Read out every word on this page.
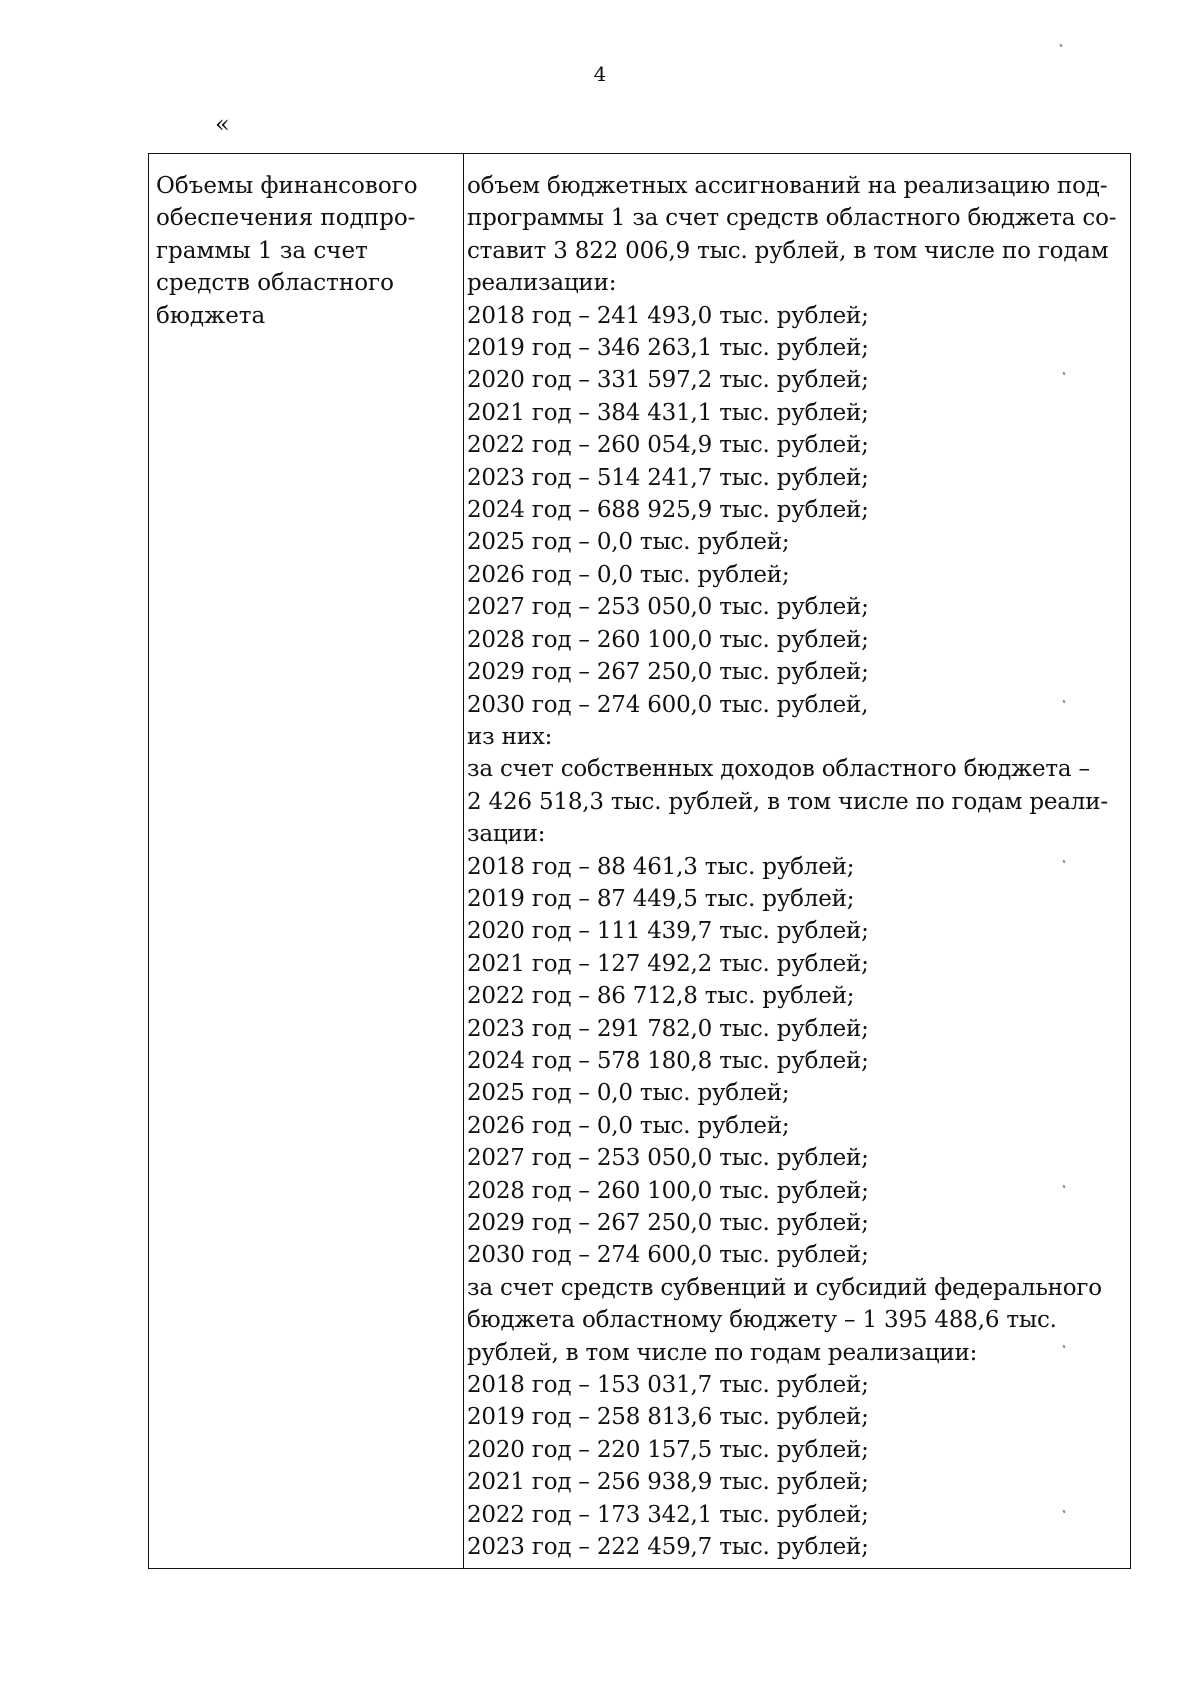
4
«
Объемы финансового
обеспечения подпро-
граммы 1 за счет
средств областного
бюджета
объем бюджетных ассигнований на реализацию под-
программы 1 за счет средств областного бюджета со-
ставит 3 822 006,9 тыс. рублей, в том числе по годам
реализации:
2018 год – 241 493,0 тыс. рублей;
2019 год – 346 263,1 тыс. рублей;
2020 год – 331 597,2 тыс. рублей;
2021 год – 384 431,1 тыс. рублей;
2022 год – 260 054,9 тыс. рублей;
2023 год – 514 241,7 тыс. рублей;
2024 год – 688 925,9 тыс. рублей;
2025 год – 0,0 тыс. рублей;
2026 год – 0,0 тыс. рублей;
2027 год – 253 050,0 тыс. рублей;
2028 год – 260 100,0 тыс. рублей;
2029 год – 267 250,0 тыс. рублей;
2030 год – 274 600,0 тыс. рублей,
из них:
за счет собственных доходов областного бюджета –
2 426 518,3 тыс. рублей, в том числе по годам реали-
зации:
2018 год – 88 461,3 тыс. рублей;
2019 год – 87 449,5 тыс. рублей;
2020 год – 111 439,7 тыс. рублей;
2021 год – 127 492,2 тыс. рублей;
2022 год – 86 712,8 тыс. рублей;
2023 год – 291 782,0 тыс. рублей;
2024 год – 578 180,8 тыс. рублей;
2025 год – 0,0 тыс. рублей;
2026 год – 0,0 тыс. рублей;
2027 год – 253 050,0 тыс. рублей;
2028 год – 260 100,0 тыс. рублей;
2029 год – 267 250,0 тыс. рублей;
2030 год – 274 600,0 тыс. рублей;
за счет средств субвенций и субсидий федерального
бюджета областному бюджету – 1 395 488,6 тыс.
рублей, в том числе по годам реализации:
2018 год – 153 031,7 тыс. рублей;
2019 год – 258 813,6 тыс. рублей;
2020 год – 220 157,5 тыс. рублей;
2021 год – 256 938,9 тыс. рублей;
2022 год – 173 342,1 тыс. рублей;
2023 год – 222 459,7 тыс. рублей;
